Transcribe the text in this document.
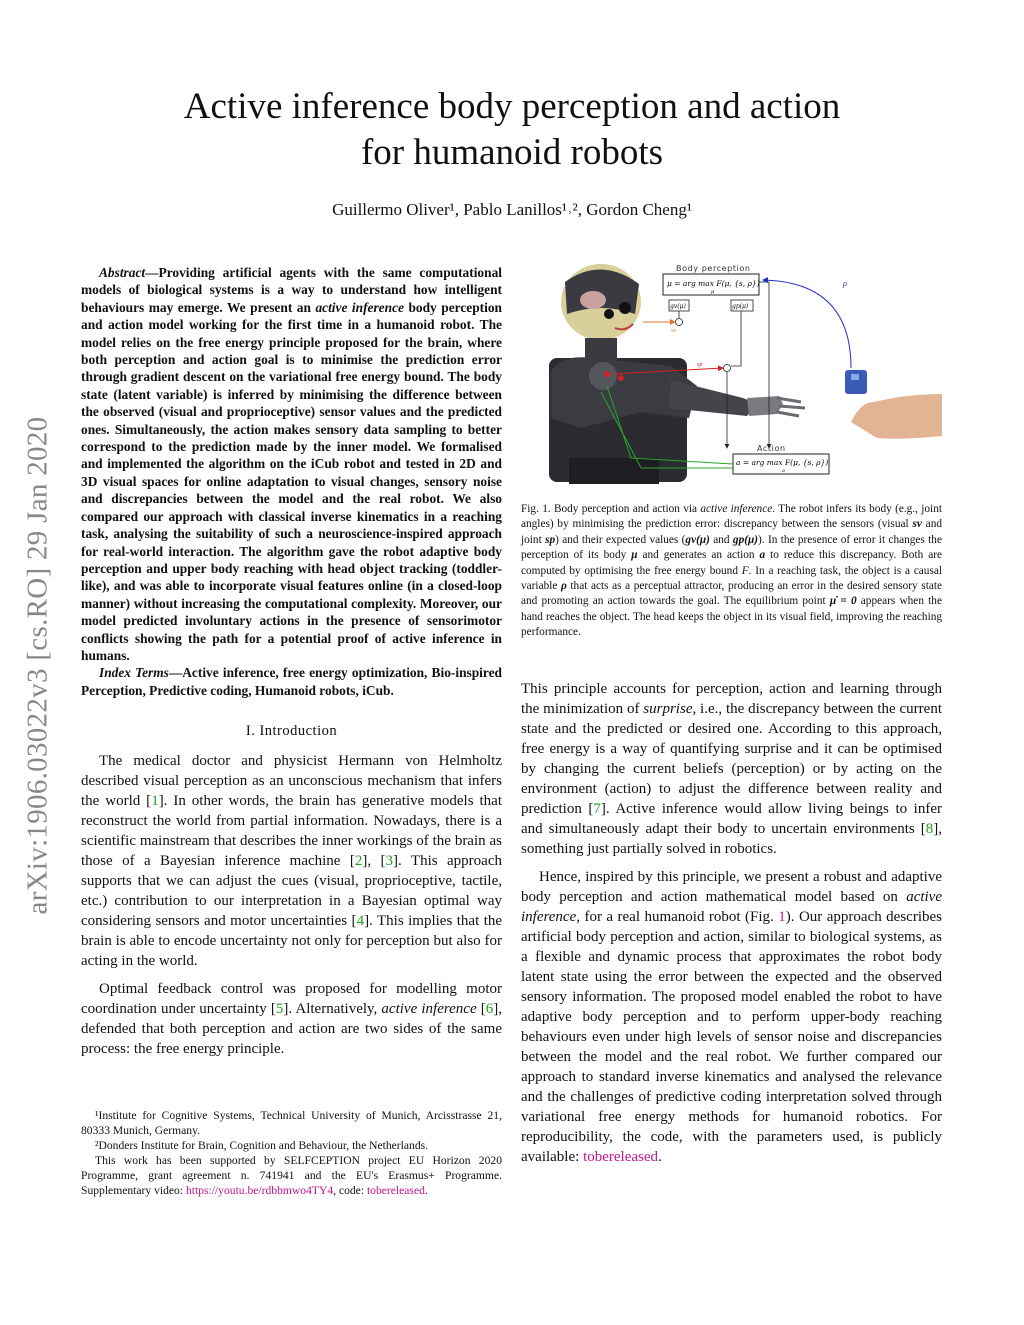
arXiv:1906.03022v3 [cs.RO] 29 Jan 2020
Active inference body perception and action
for humanoid robots
Guillermo Oliver¹, Pablo Lanillos¹˒², Gordon Cheng¹

Abstract—Providing artificial agents with the same computational models of biological systems is a way to understand how intelligent behaviours may emerge. We present an active inference body perception and action model working for the first time in a humanoid robot. The model relies on the free energy principle proposed for the brain, where both perception and action goal is to minimise the prediction error through gradient descent on the variational free energy bound. The body state (latent variable) is inferred by minimising the difference between the observed (visual and proprioceptive) sensor values and the predicted ones. Simultaneously, the action makes sensory data sampling to better correspond to the prediction made by the inner model. We formalised and implemented the algorithm on the iCub robot and tested in 2D and 3D visual spaces for online adaptation to visual changes, sensory noise and discrepancies between the model and the real robot. We also compared our approach with classical inverse kinematics in a reaching task, analysing the suitability of such a neuroscience-inspired approach for real-world interaction. The algorithm gave the robot adaptive body perception and upper body reaching with head object tracking (toddler-like), and was able to incorporate visual features online (in a closed-loop manner) without increasing the computational complexity. Moreover, our model predicted involuntary actions in the presence of sensorimotor conflicts showing the path for a potential proof of active inference in humans.

Index Terms—Active inference, free energy optimization, Bio-inspired Perception, Predictive coding, Humanoid robots, iCub.

I. Introduction

The medical doctor and physicist Hermann von Helmholtz described visual perception as an unconscious mechanism that infers the world [1]. In other words, the brain has generative models that reconstruct the world from partial information. Nowadays, there is a scientific mainstream that describes the inner workings of the brain as those of a Bayesian inference machine [2], [3]. This approach supports that we can adjust the cues (visual, proprioceptive, tactile, etc.) contribution to our interpretation in a Bayesian optimal way considering sensors and motor uncertainties [4]. This implies that the brain is able to encode uncertainty not only for perception but also for acting in the world.

Optimal feedback control was proposed for modelling motor coordination under uncertainty [5]. Alternatively, active inference [6], defended that both perception and action are two sides of the same process: the free energy principle.

¹Institute for Cognitive Systems, Technical University of Munich, Arcisstrasse 21, 80333 Munich, Germany.

²Donders Institute for Brain, Cognition and Behaviour, the Netherlands.

This work has been supported by SELFCEPTION project EU Horizon 2020 Programme, grant agreement n. 741941 and the EU's Erasmus+ Programme. Supplementary video: https://youtu.be/rdbbmwo4TY4, code: tobereleased.

Body perception
μ = arg max F(μ, {s, ρ})
μ
gv(μ)	gp(μ)
sv
sp
ρ
Action
a = arg max F(μ, {s, ρ})
a
Fig. 1. Body perception and action via active inference. The robot infers its body (e.g., joint angles) by minimising the prediction error: discrepancy between the sensors (visual sv and joint sp) and their expected values (gv(μ) and gp(μ)). In the presence of error it changes the perception of its body μ and generates an action a to reduce this discrepancy. Both are computed by optimising the free energy bound F. In a reaching task, the object is a causal variable ρ that acts as a perceptual attractor, producing an error in the desired sensory state and promoting an action towards the goal. The equilibrium point μ̇ = 0 appears when the hand reaches the object. The head keeps the object in its visual field, improving the reaching performance.

This principle accounts for perception, action and learning through the minimization of surprise, i.e., the discrepancy between the current state and the predicted or desired one. According to this approach, free energy is a way of quantifying surprise and it can be optimised by changing the current beliefs (perception) or by acting on the environment (action) to adjust the difference between reality and prediction [7]. Active inference would allow living beings to infer and simultaneously adapt their body to uncertain environments [8], something just partially solved in robotics.

Hence, inspired by this principle, we present a robust and adaptive body perception and action mathematical model based on active inference, for a real humanoid robot (Fig. 1). Our approach describes artificial body perception and action, similar to biological systems, as a flexible and dynamic process that approximates the robot body latent state using the error between the expected and the observed sensory information. The proposed model enabled the robot to have adaptive body perception and to perform upper-body reaching behaviours even under high levels of sensor noise and discrepancies between the model and the real robot. We further compared our approach to standard inverse kinematics and analysed the relevance and the challenges of predictive coding interpretation solved through variational free energy methods for humanoid robotics. For reproducibility, the code, with the parameters used, is publicly available: tobereleased.
